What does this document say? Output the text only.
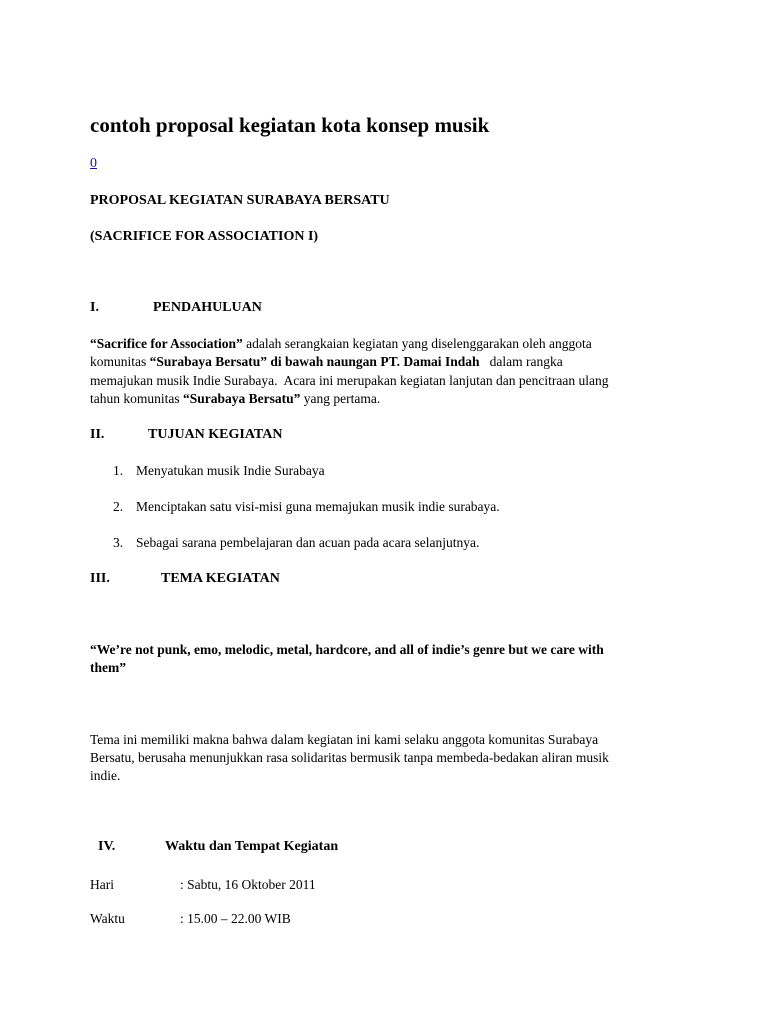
contoh proposal kegiatan kota konsep musik
0
PROPOSAL KEGIATAN SURABAYA BERSATU
(SACRIFICE FOR ASSOCIATION I)
I.	PENDAHULUAN
“Sacrifice for Association” adalah serangkaian kegiatan yang diselenggarakan oleh anggota
komunitas “Surabaya Bersatu” di bawah naungan PT. Damai Indah   dalam rangka
memajukan musik Indie Surabaya.  Acara ini merupakan kegiatan lanjutan dan pencitraan ulang
tahun komunitas “Surabaya Bersatu” yang pertama.
II.	TUJUAN KEGIATAN
1. Menyatukan musik Indie Surabaya
2. Menciptakan satu visi-misi guna memajukan musik indie surabaya.
3. Sebagai sarana pembelajaran dan acuan pada acara selanjutnya.
III.	TEMA KEGIATAN
“We’re not punk, emo, melodic, metal, hardcore, and all of indie’s genre but we care with
them”
Tema ini memiliki makna bahwa dalam kegiatan ini kami selaku anggota komunitas Surabaya
Bersatu, berusaha menunjukkan rasa solidaritas bermusik tanpa membeda-bedakan aliran musik
indie.
IV.	Waktu dan Tempat Kegiatan
Hari	: Sabtu, 16 Oktober 2011
Waktu	: 15.00 – 22.00 WIB
